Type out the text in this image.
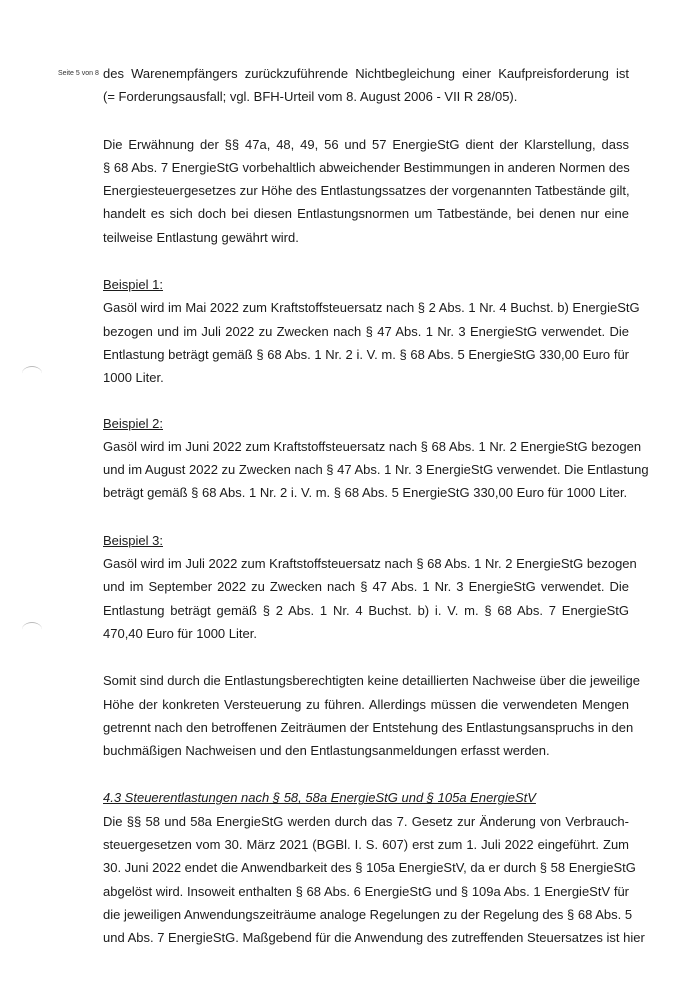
Seite 5 von 8 des Warenempfängers zurückzuführende Nichtbegleichung einer Kaufpreisforderung ist
(= Forderungsausfall; vgl. BFH-Urteil vom 8. August 2006 - VII R 28/05).

Die Erwähnung der §§ 47a, 48, 49, 56 und 57 EnergieStG dient der Klarstellung, dass
§ 68 Abs. 7 EnergieStG vorbehaltlich abweichender Bestimmungen in anderen Normen des
Energiesteuergesetzes zur Höhe des Entlastungssatzes der vorgenannten Tatbestände gilt,
handelt es sich doch bei diesen Entlastungsnormen um Tatbestände, bei denen nur eine
teilweise Entlastung gewährt wird.

Beispiel 1:
Gasöl wird im Mai 2022 zum Kraftstoffsteuersatz nach § 2 Abs. 1 Nr. 4 Buchst. b) EnergieStG
bezogen und im Juli 2022 zu Zwecken nach § 47 Abs. 1 Nr. 3 EnergieStG verwendet. Die
Entlastung beträgt gemäß § 68 Abs. 1 Nr. 2 i. V. m. § 68 Abs. 5 EnergieStG 330,00 Euro für
1000 Liter.

Beispiel 2:
Gasöl wird im Juni 2022 zum Kraftstoffsteuersatz nach § 68 Abs. 1 Nr. 2 EnergieStG bezogen
und im August 2022 zu Zwecken nach § 47 Abs. 1 Nr. 3 EnergieStG verwendet. Die Entlastung
beträgt gemäß § 68 Abs. 1 Nr. 2 i. V. m. § 68 Abs. 5 EnergieStG 330,00 Euro für 1000 Liter.

Beispiel 3:
Gasöl wird im Juli 2022 zum Kraftstoffsteuersatz nach § 68 Abs. 1 Nr. 2 EnergieStG bezogen
und im September 2022 zu Zwecken nach § 47 Abs. 1 Nr. 3 EnergieStG verwendet. Die
Entlastung beträgt gemäß § 2 Abs. 1 Nr. 4 Buchst. b) i. V. m. § 68 Abs. 7 EnergieStG
470,40 Euro für 1000 Liter.

Somit sind durch die Entlastungsberechtigten keine detaillierten Nachweise über die jeweilige
Höhe der konkreten Versteuerung zu führen. Allerdings müssen die verwendeten Mengen
getrennt nach den betroffenen Zeiträumen der Entstehung des Entlastungsanspruchs in den
buchmäßigen Nachweisen und den Entlastungsanmeldungen erfasst werden.

4.3 Steuerentlastungen nach § 58, 58a EnergieStG und § 105a EnergieStV
Die §§ 58 und 58a EnergieStG werden durch das 7. Gesetz zur Änderung von Verbrauch-
steuergesetzen vom 30. März 2021 (BGBl. I. S. 607) erst zum 1. Juli 2022 eingeführt. Zum
30. Juni 2022 endet die Anwendbarkeit des § 105a EnergieStV, da er durch § 58 EnergieStG
abgelöst wird. Insoweit enthalten § 68 Abs. 6 EnergieStG und § 109a Abs. 1 EnergieStV für
die jeweiligen Anwendungszeiträume analoge Regelungen zu der Regelung des § 68 Abs. 5
und Abs. 7 EnergieStG. Maßgebend für die Anwendung des zutreffenden Steuersatzes ist hier
